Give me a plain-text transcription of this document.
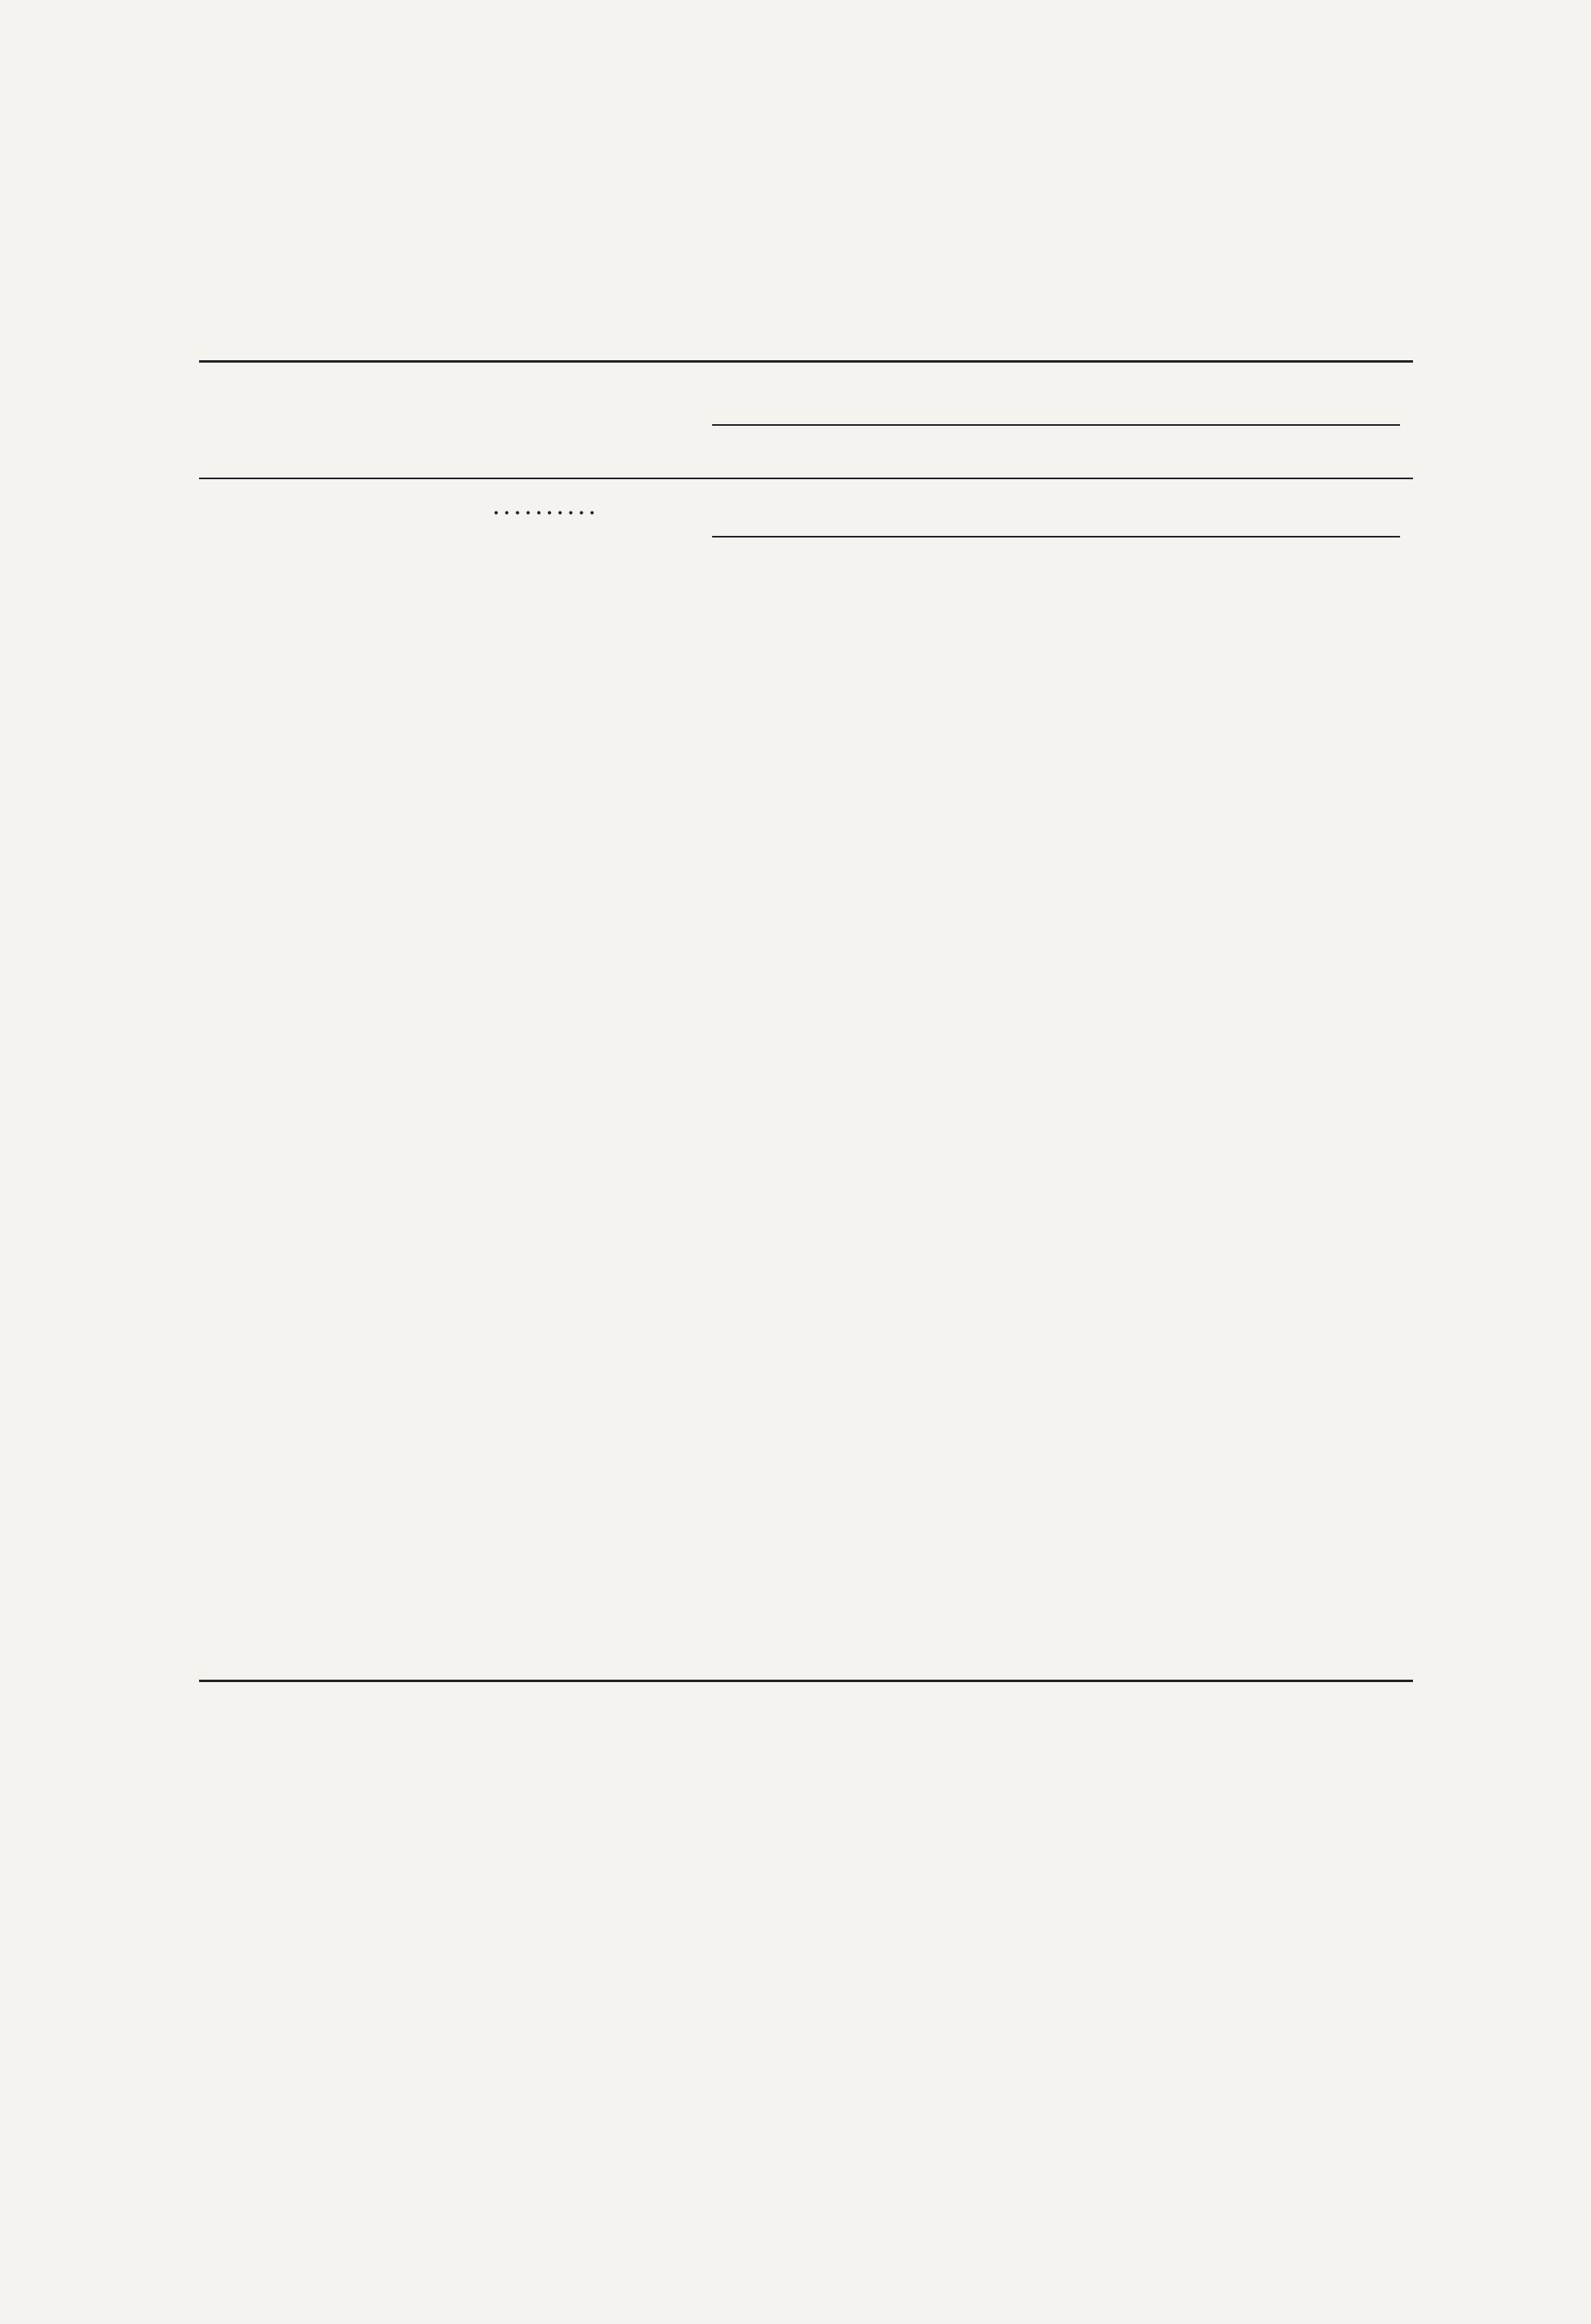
..........
